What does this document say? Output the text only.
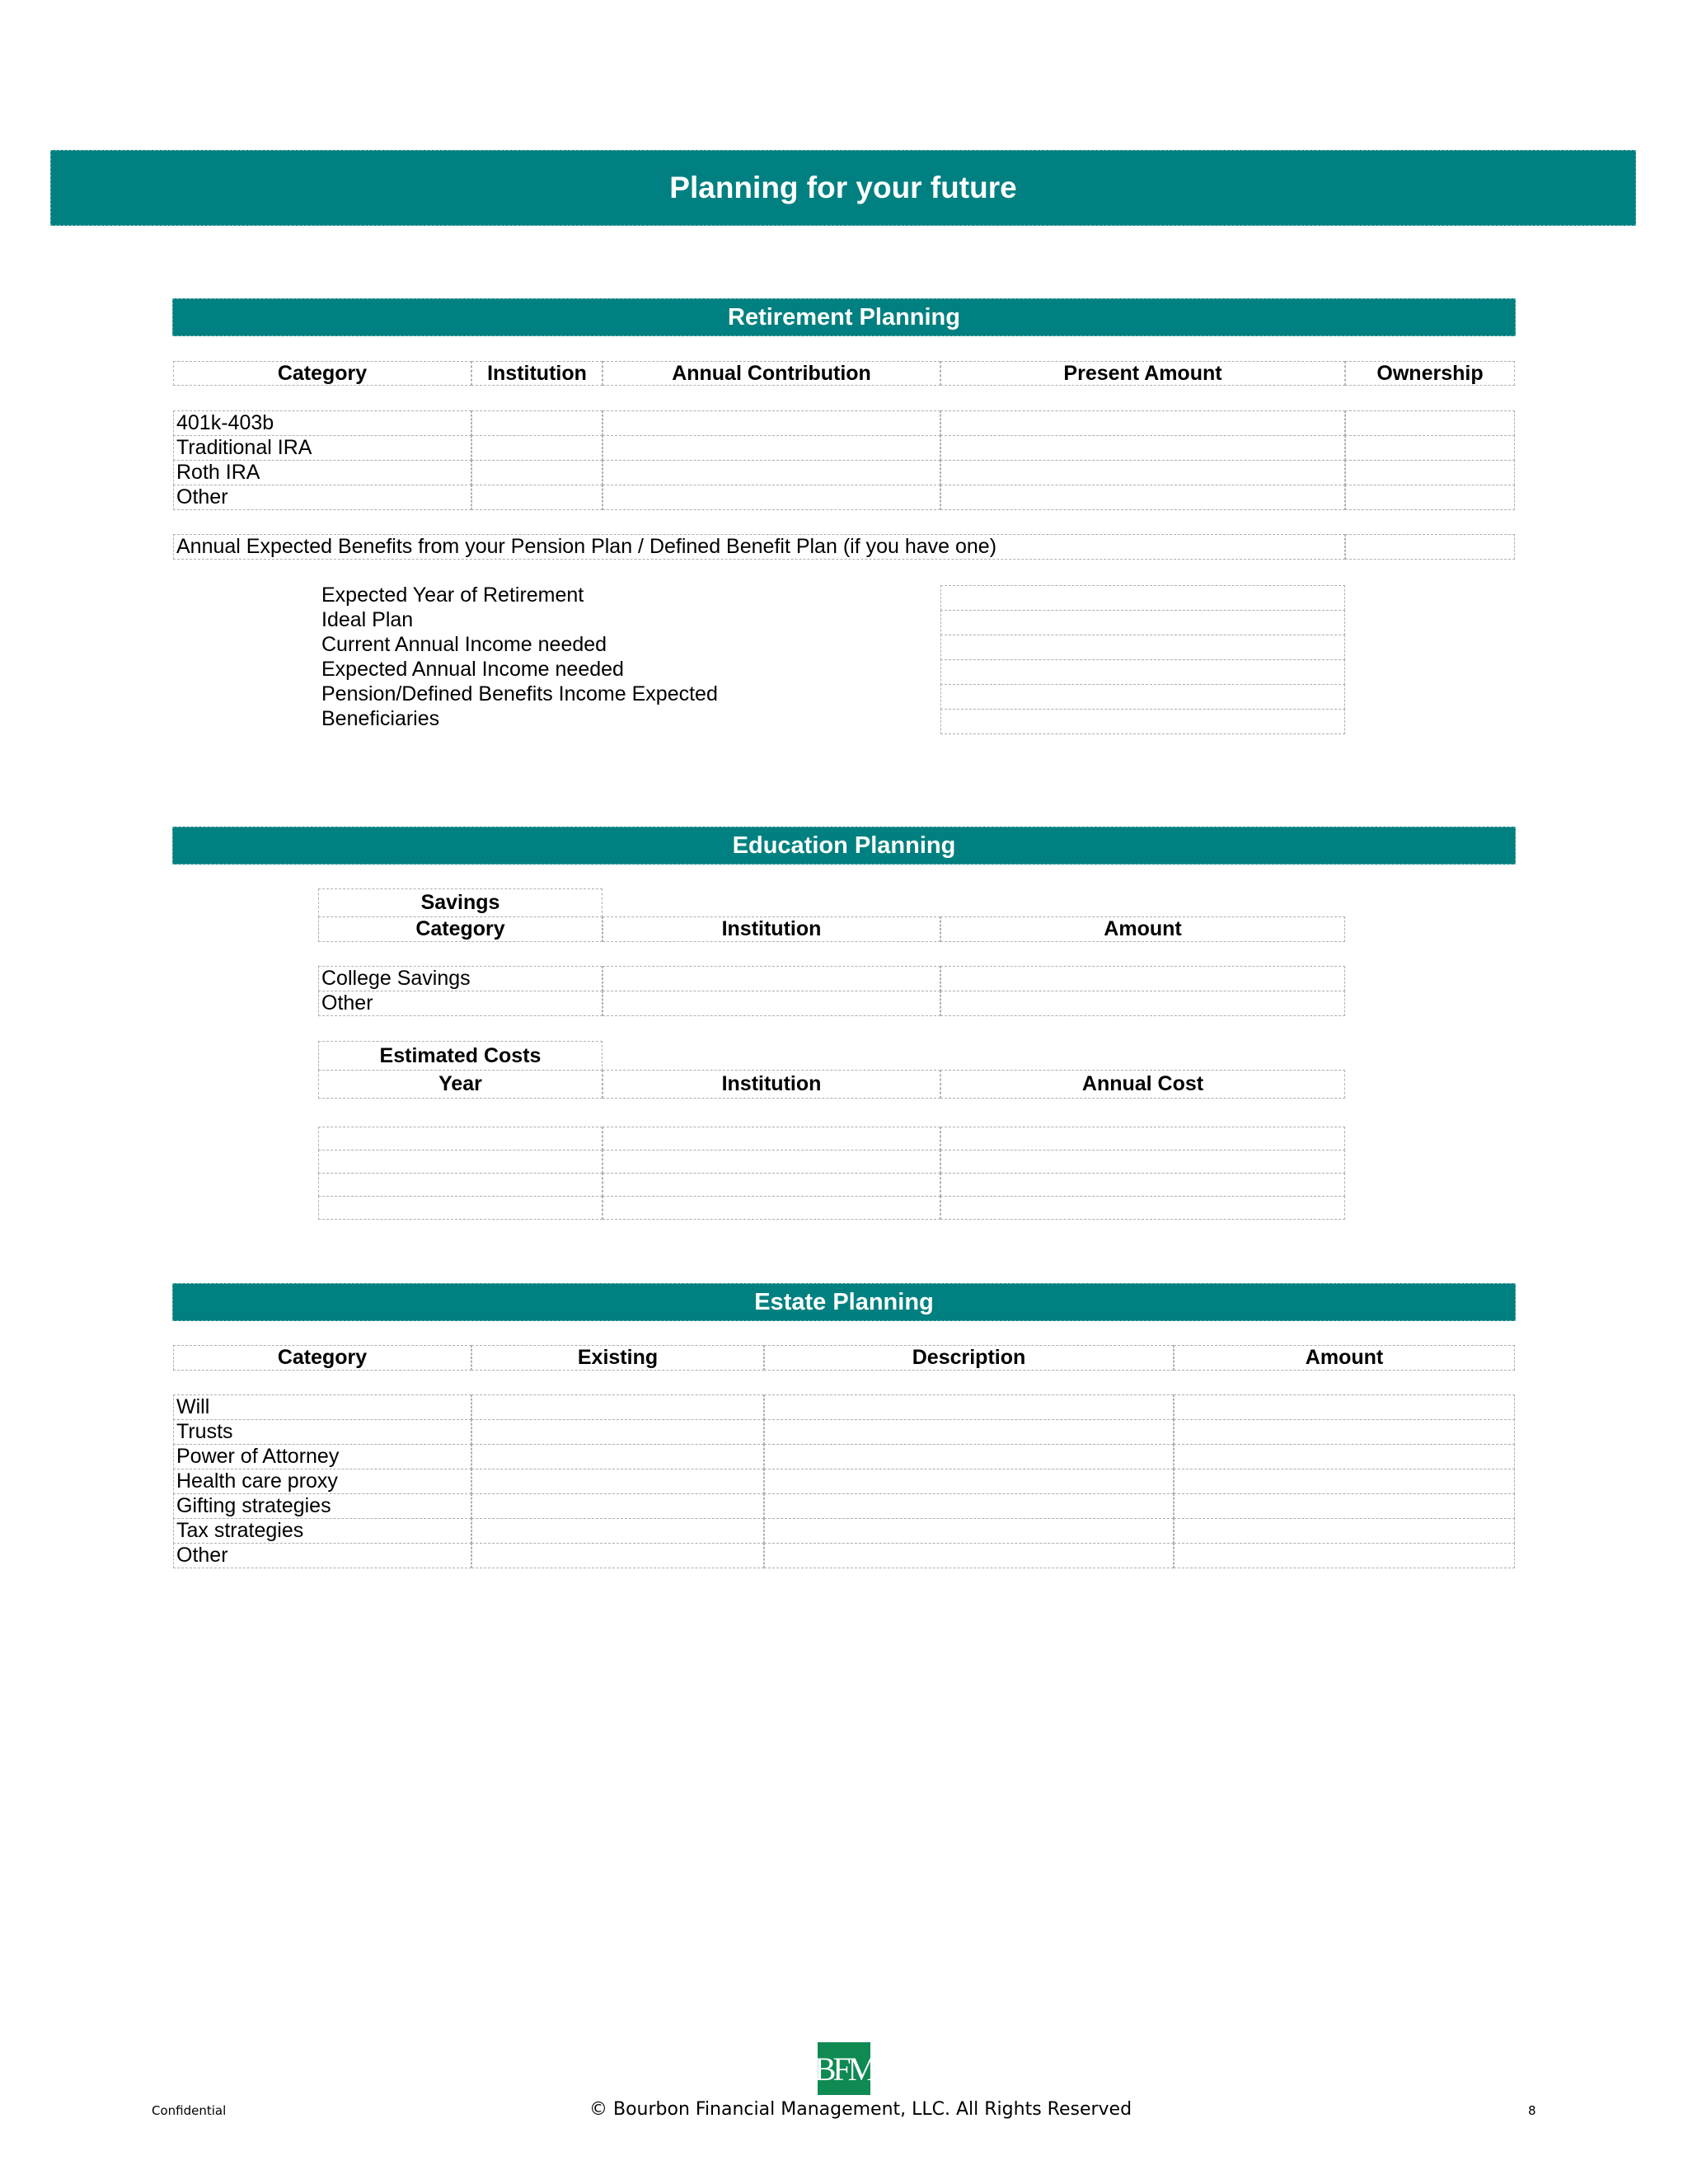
Planning for your future
Retirement Planning
Category	Institution	Annual Contribution	Present Amount	Ownership
401k-403b
Traditional IRA
Roth IRA
Other
Annual Expected Benefits from your Pension Plan / Defined Benefit Plan (if you have one)
Expected Year of Retirement
Ideal Plan
Current Annual Income needed
Expected Annual Income needed
Pension/Defined Benefits Income Expected
Beneficiaries
Education Planning
Savings
Category	Institution	Amount
College Savings
Other
Estimated Costs
Year	Institution	Annual Cost
Estate Planning
Category	Existing	Description	Amount
Will
Trusts
Power of Attorney
Health care proxy
Gifting strategies
Tax strategies
Other
BFM
Confidential	© Bourbon Financial Management, LLC. All Rights Reserved	8
